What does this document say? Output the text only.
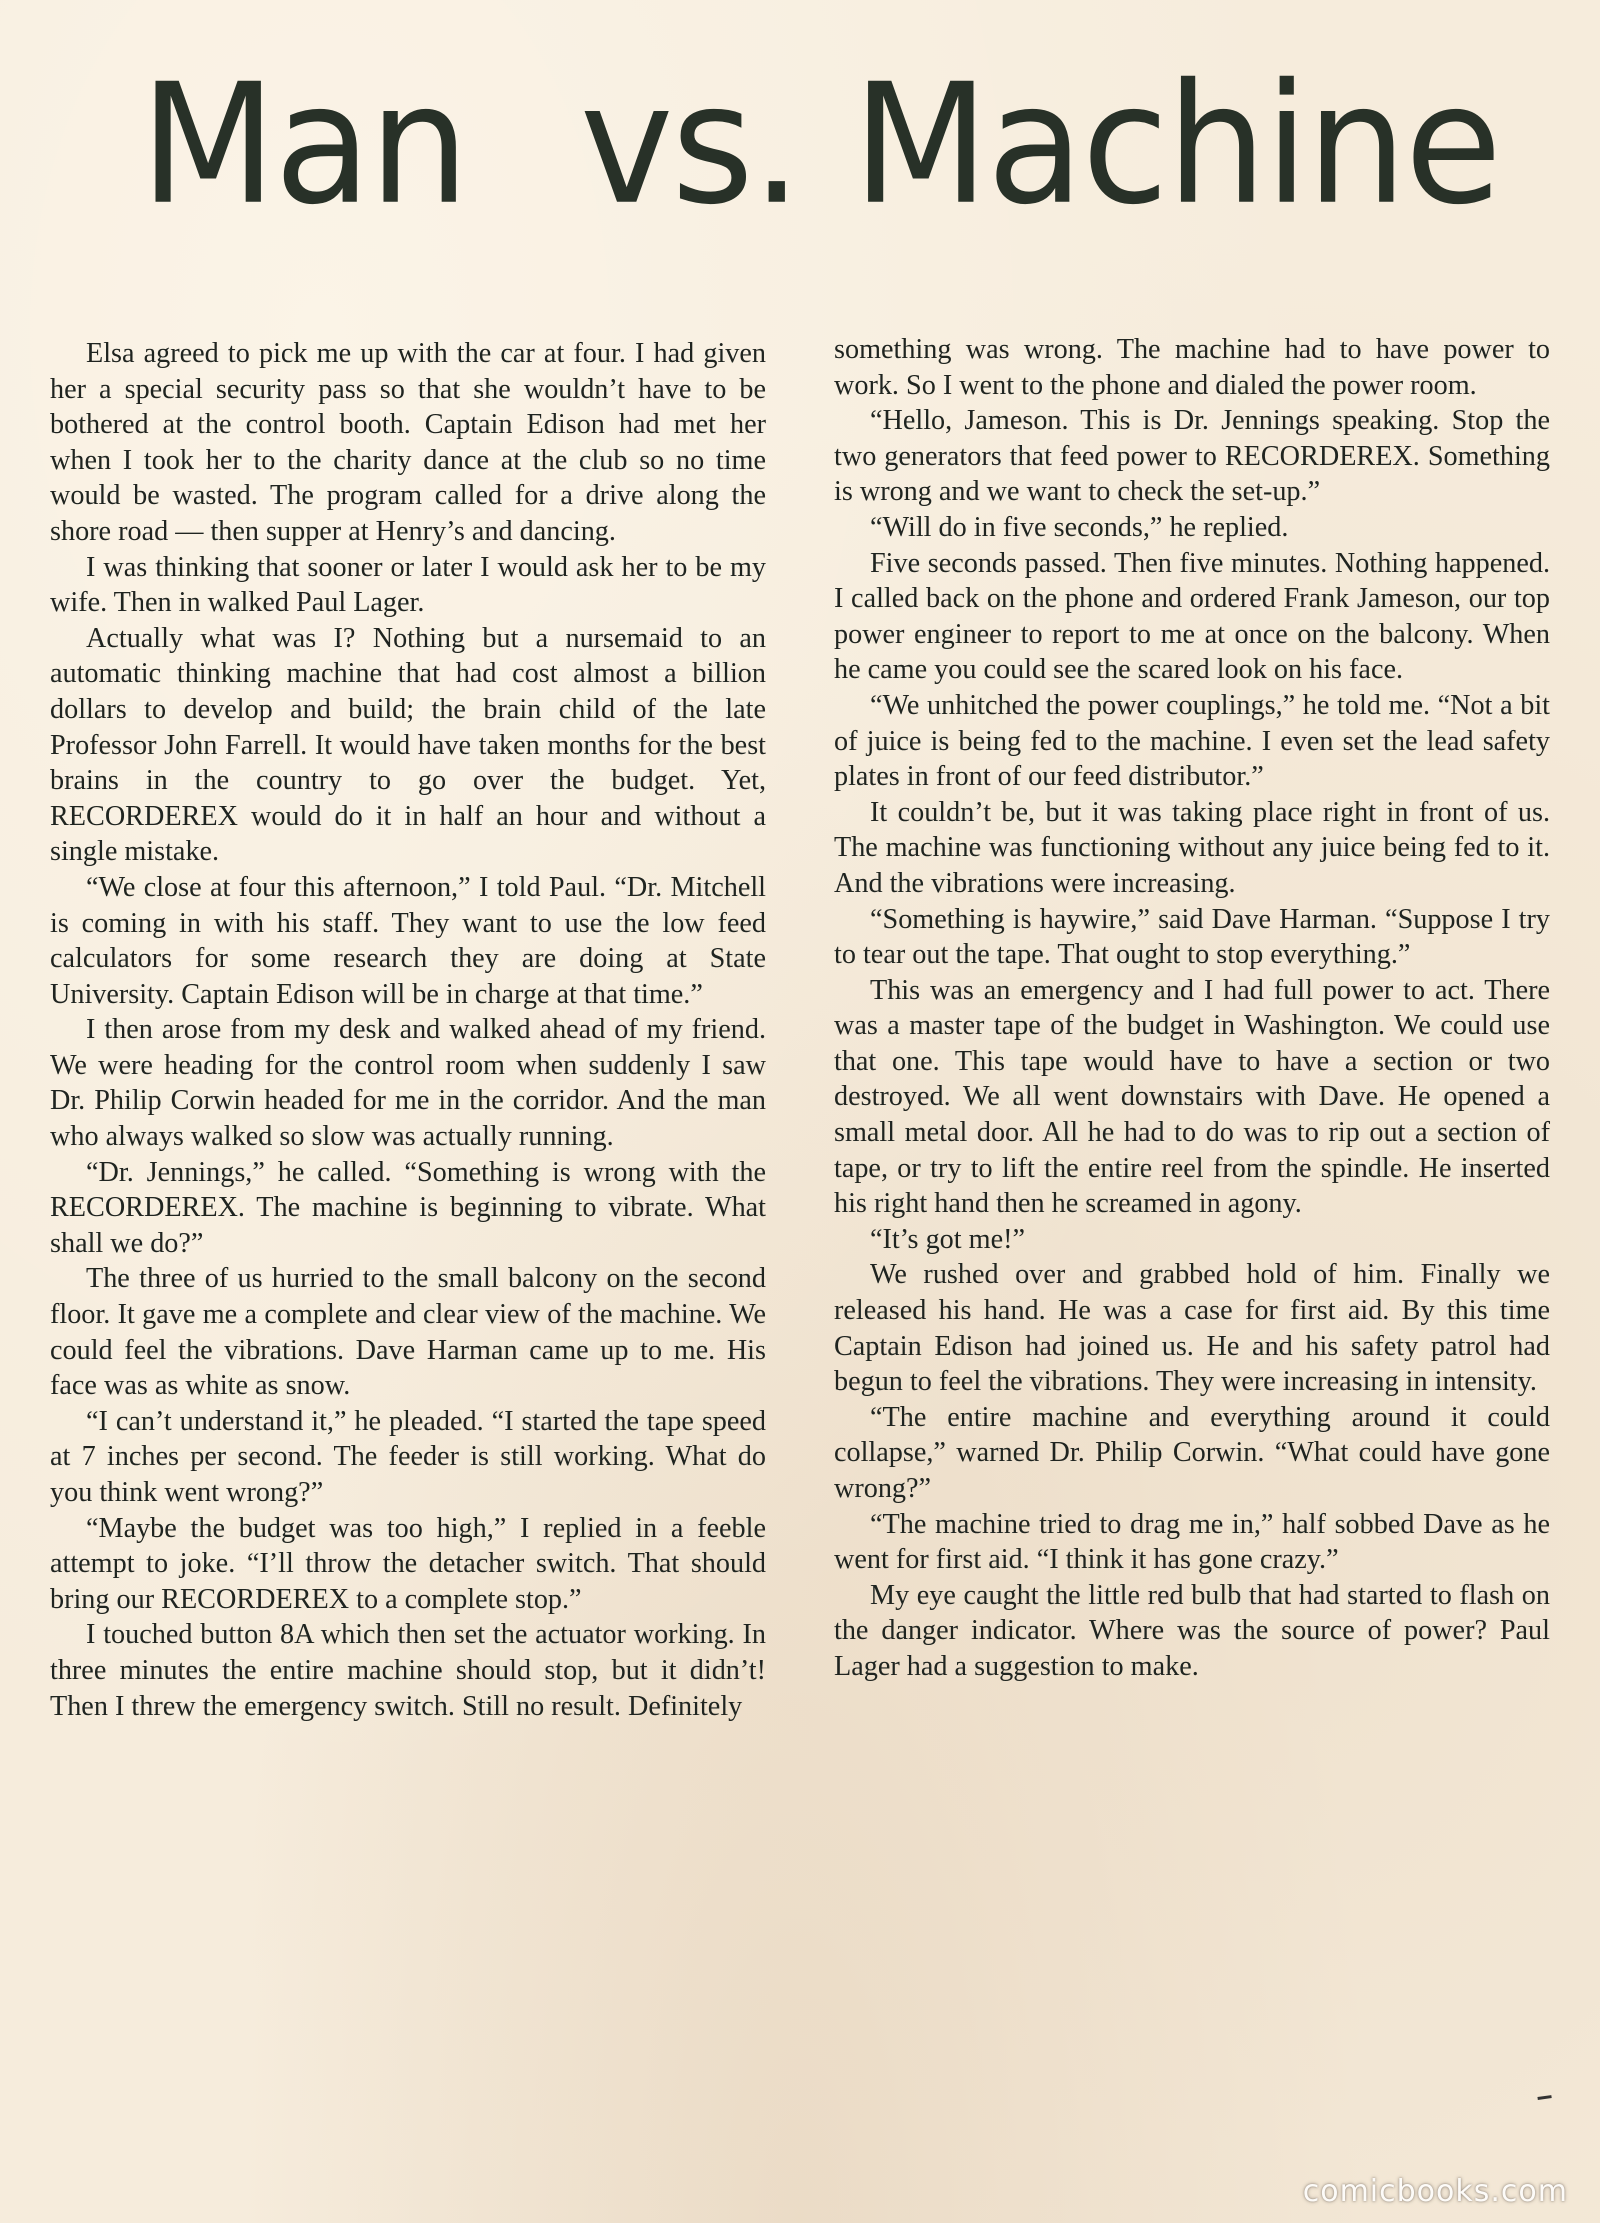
Man vs. Machine

Elsa agreed to pick me up with the car at four. I had given her a special security pass so that she wouldn’t have to be bothered at the control booth. Captain Edison had met her when I took her to the charity dance at the club so no time would be wasted. The program called for a drive along the shore road — then supper at Henry’s and dancing.

I was thinking that sooner or later I would ask her to be my wife. Then in walked Paul Lager.

Actually what was I? Nothing but a nursemaid to an automatic thinking machine that had cost almost a billion dollars to develop and build; the brain child of the late Professor John Farrell. It would have taken months for the best brains in the country to go over the budget. Yet, RECORDEREX would do it in half an hour and without a single mistake.

“We close at four this afternoon,” I told Paul. “Dr. Mitchell is coming in with his staff. They want to use the low feed calculators for some research they are doing at State University. Captain Edison will be in charge at that time.”

I then arose from my desk and walked ahead of my friend. We were heading for the control room when suddenly I saw Dr. Philip Corwin headed for me in the corridor. And the man who always walked so slow was actually running.

“Dr. Jennings,” he called. “Something is wrong with the RECORDEREX. The machine is beginning to vibrate. What shall we do?”

The three of us hurried to the small balcony on the second floor. It gave me a complete and clear view of the machine. We could feel the vibrations. Dave Harman came up to me. His face was as white as snow.

“I can’t understand it,” he pleaded. “I started the tape speed at 7 inches per second. The feeder is still working. What do you think went wrong?”

“Maybe the budget was too high,” I replied in a feeble attempt to joke. “I’ll throw the detacher switch. That should bring our RECORDEREX to a complete stop.”

I touched button 8A which then set the actuator working. In three minutes the entire machine should stop, but it didn’t! Then I threw the emergency switch. Still no result. Definitely

something was wrong. The machine had to have power to work. So I went to the phone and dialed the power room.

“Hello, Jameson. This is Dr. Jennings speaking. Stop the two generators that feed power to RECORDEREX. Something is wrong and we want to check the set-up.”

“Will do in five seconds,” he replied.

Five seconds passed. Then five minutes. Nothing happened. I called back on the phone and ordered Frank Jameson, our top power engineer to report to me at once on the balcony. When he came you could see the scared look on his face.

“We unhitched the power couplings,” he told me. “Not a bit of juice is being fed to the machine. I even set the lead safety plates in front of our feed distributor.”

It couldn’t be, but it was taking place right in front of us. The machine was functioning without any juice being fed to it. And the vibrations were increasing.

“Something is haywire,” said Dave Harman. “Suppose I try to tear out the tape. That ought to stop everything.”

This was an emergency and I had full power to act. There was a master tape of the budget in Washington. We could use that one. This tape would have to have a section or two destroyed. We all went downstairs with Dave. He opened a small metal door. All he had to do was to rip out a section of tape, or try to lift the entire reel from the spindle. He inserted his right hand then he screamed in agony.

“It’s got me!”

We rushed over and grabbed hold of him. Finally we released his hand. He was a case for first aid. By this time Captain Edison had joined us. He and his safety patrol had begun to feel the vibrations. They were increasing in intensity.

“The entire machine and everything around it could collapse,” warned Dr. Philip Corwin. “What could have gone wrong?”

“The machine tried to drag me in,” half sobbed Dave as he went for first aid. “I think it has gone crazy.”

My eye caught the little red bulb that had started to flash on the danger indicator. Where was the source of power? Paul Lager had a suggestion to make.

comicbooks.com
